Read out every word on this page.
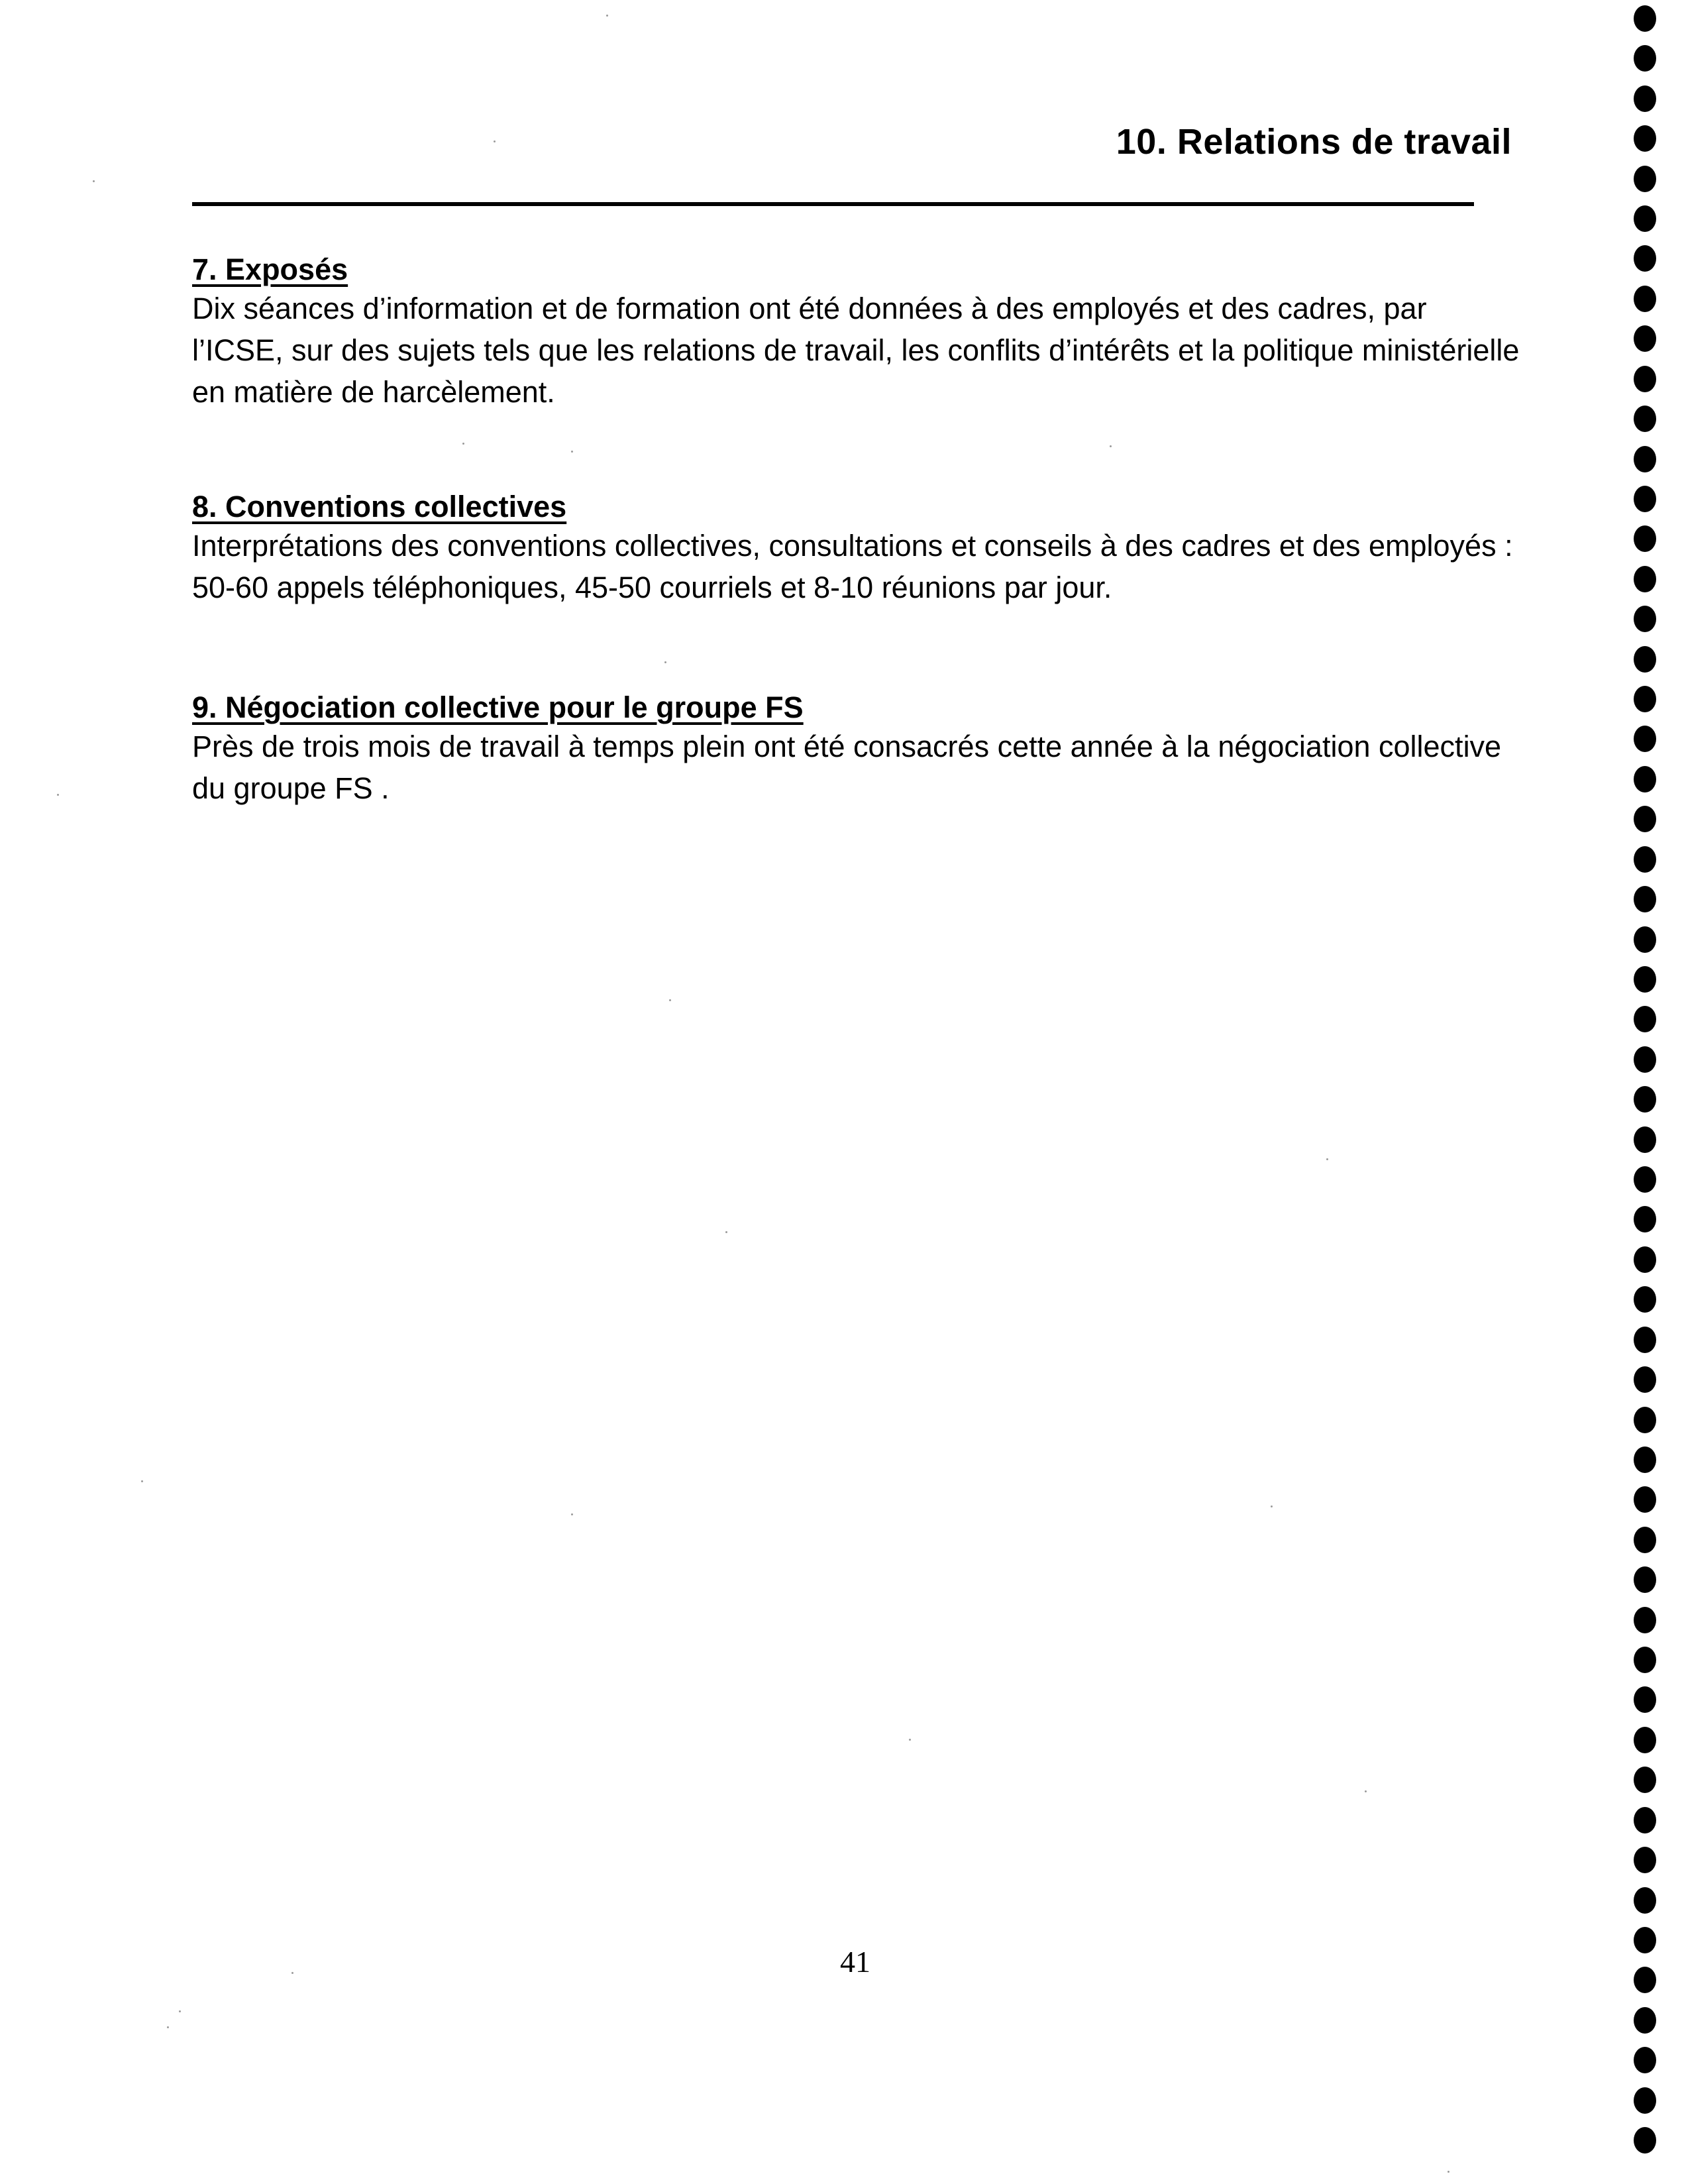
10. Relations de travail
7. Exposés
Dix séances d’information et de formation ont été données à des employés et des cadres, par l’ICSE, sur des sujets tels que les relations de travail, les conflits d’intérêts et la politique ministérielle en matière de harcèlement.
8. Conventions collectives
Interprétations des conventions collectives, consultations et conseils à des cadres et des employés : 50-60 appels téléphoniques, 45-50 courriels et 8-10 réunions par jour.
9. Négociation collective pour le groupe FS
Près de trois mois de travail à temps plein ont été consacrés cette année à la négociation collective du groupe FS .
41
